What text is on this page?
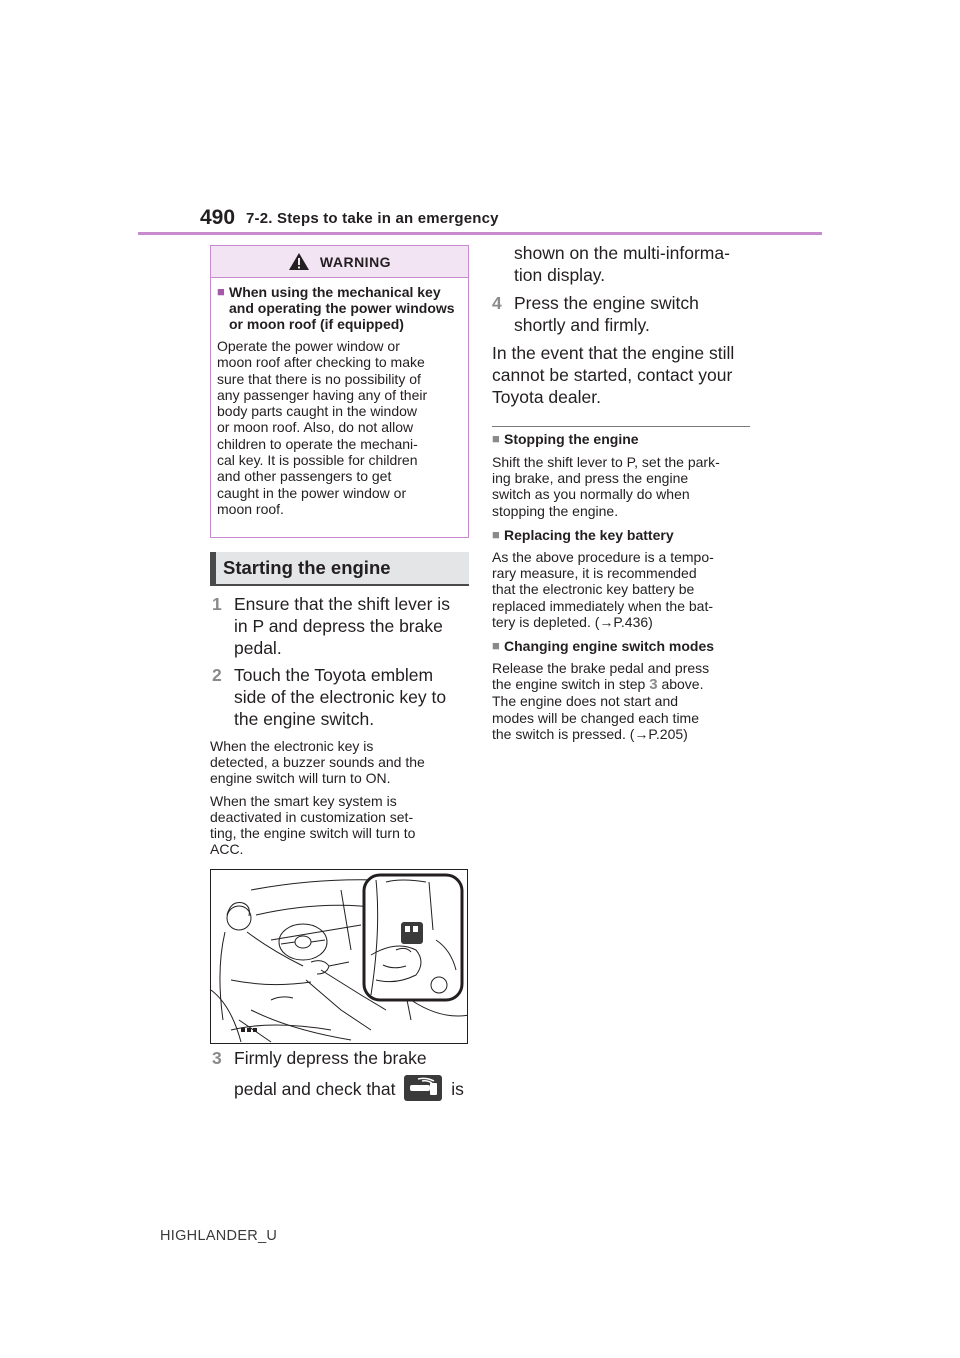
490 7-2. Steps to take in an emergency
WARNING
■ When using the mechanical key and operating the power windows or moon roof (if equipped)
Operate the power window or
moon roof after checking to make
sure that there is no possibility of
any passenger having any of their
body parts caught in the window
or moon roof. Also, do not allow
children to operate the mechani-
cal key. It is possible for children
and other passengers to get
caught in the power window or
moon roof.
Starting the engine
1 Ensure that the shift lever is
in P and depress the brake
pedal.
2 Touch the Toyota emblem
side of the electronic key to
the engine switch.
When the electronic key is
detected, a buzzer sounds and the
engine switch will turn to ON.
When the smart key system is
deactivated in customization set-
ting, the engine switch will turn to
ACC.
3 Firmly depress the brake
pedal and check that	is
shown on the multi-informa-
tion display.
4 Press the engine switch
shortly and firmly.
In the event that the engine still
cannot be started, contact your
Toyota dealer.
■ Stopping the engine
Shift the shift lever to P, set the park-
ing brake, and press the engine
switch as you normally do when
stopping the engine.
■ Replacing the key battery
As the above procedure is a tempo-
rary measure, it is recommended
that the electronic key battery be
replaced immediately when the bat-
tery is depleted. (→P.436)
■ Changing engine switch modes
Release the brake pedal and press
the engine switch in step 3 above.
The engine does not start and
modes will be changed each time
the switch is pressed. (→P.205)
HIGHLANDER_U
